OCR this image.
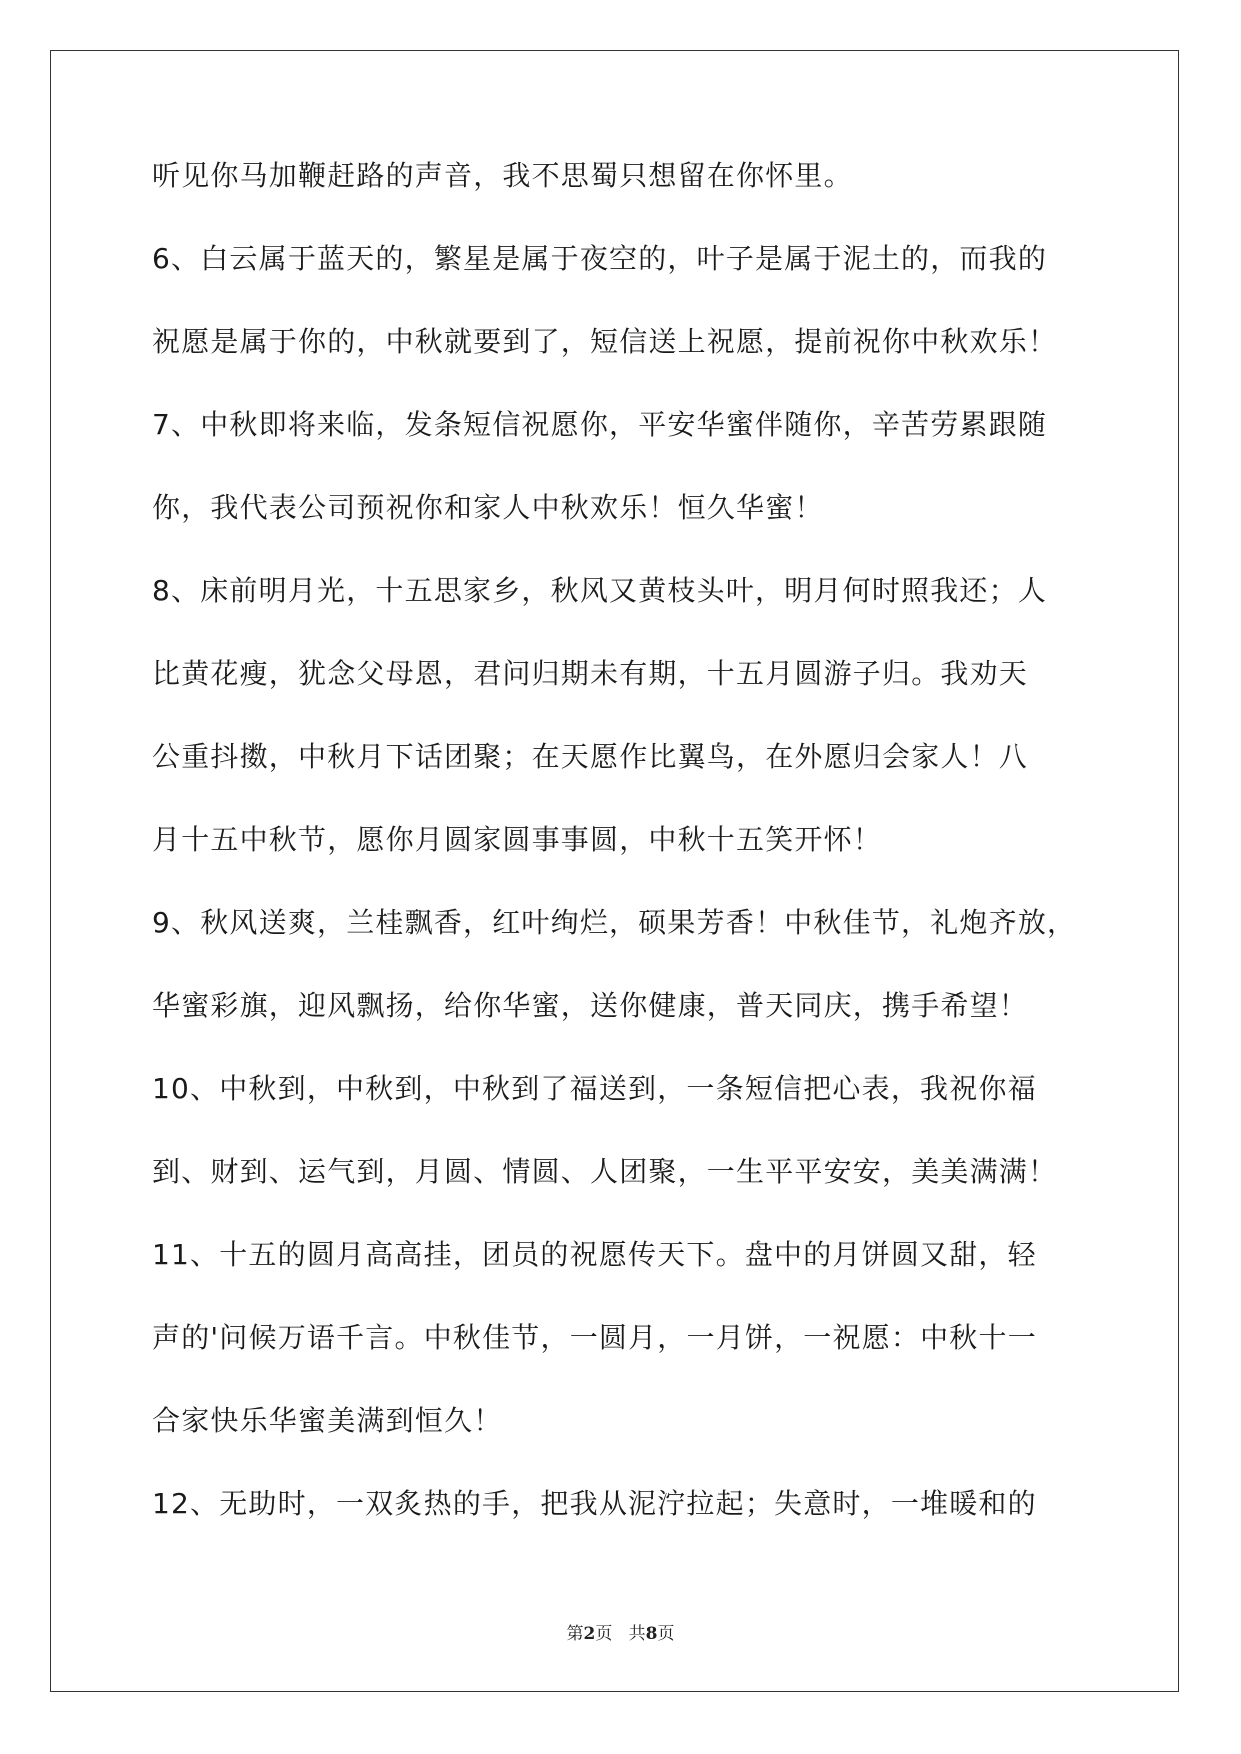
听见你马加鞭赶路的声音，我不思蜀只想留在你怀里。
6、白云属于蓝天的，繁星是属于夜空的，叶子是属于泥土的，而我的
祝愿是属于你的，中秋就要到了，短信送上祝愿，提前祝你中秋欢乐！
7、中秋即将来临，发条短信祝愿你，平安华蜜伴随你，辛苦劳累跟随
你，我代表公司预祝你和家人中秋欢乐！恒久华蜜！
8、床前明月光，十五思家乡，秋风又黄枝头叶，明月何时照我还；人
比黄花瘦，犹念父母恩，君问归期未有期，十五月圆游子归。我劝天
公重抖擞，中秋月下话团聚；在天愿作比翼鸟，在外愿归会家人！八
月十五中秋节，愿你月圆家圆事事圆，中秋十五笑开怀！
9、秋风送爽，兰桂飘香，红叶绚烂，硕果芳香！中秋佳节，礼炮齐放，
华蜜彩旗，迎风飘扬，给你华蜜，送你健康，普天同庆，携手希望！
10、中秋到，中秋到，中秋到了福送到，一条短信把心表，我祝你福
到、财到、运气到，月圆、情圆、人团聚，一生平平安安，美美满满！
11、十五的圆月高高挂，团员的祝愿传天下。盘中的月饼圆又甜，轻
声的'问候万语千言。中秋佳节，一圆月，一月饼，一祝愿：中秋十一
合家快乐华蜜美满到恒久！
12、无助时，一双炙热的手，把我从泥泞拉起；失意时，一堆暖和的
第2页 共8页
